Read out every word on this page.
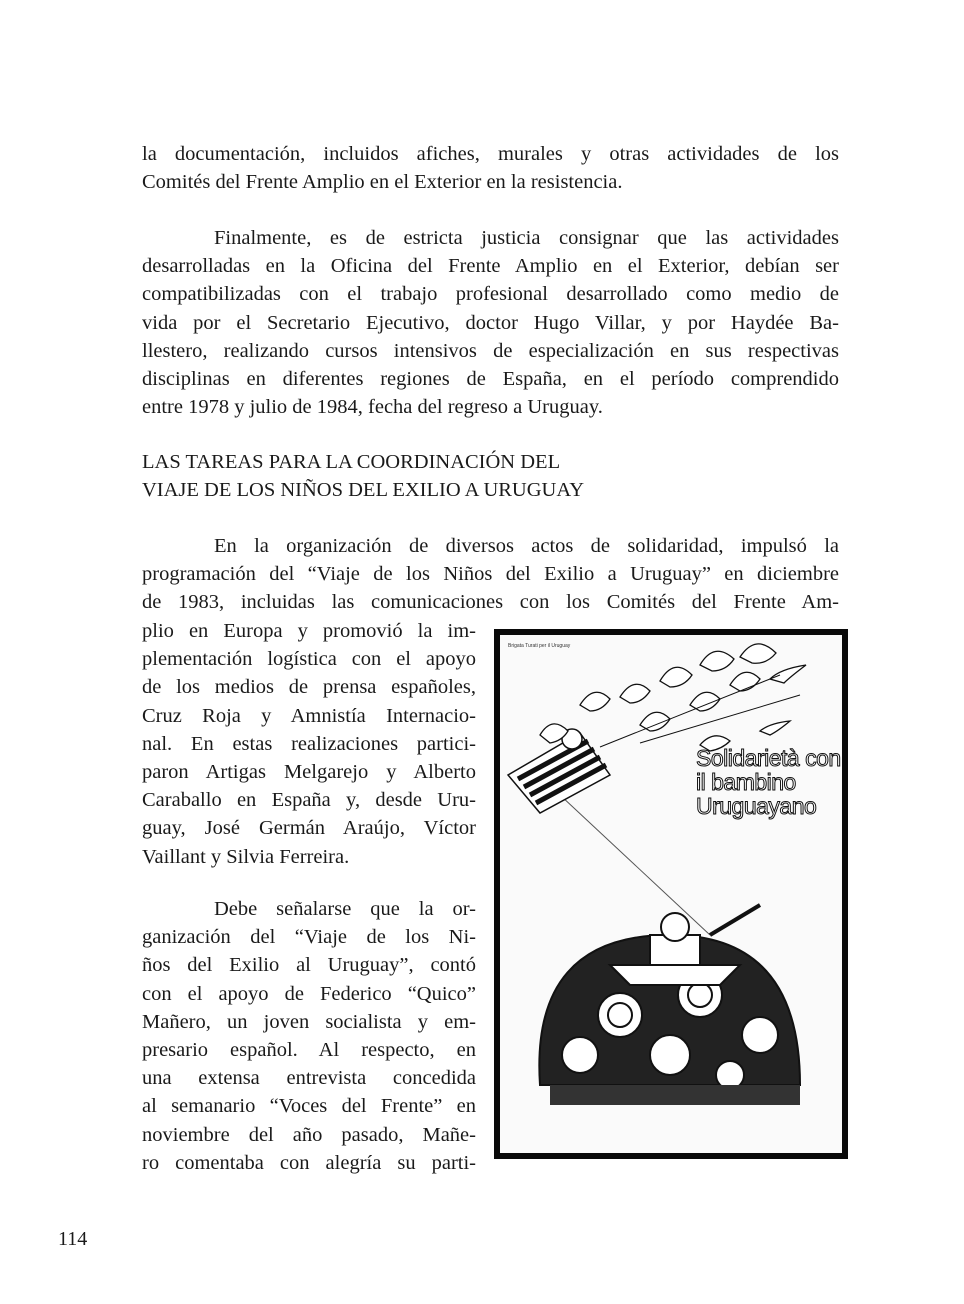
la documentación, incluidos afiches, murales y otras actividades de los
Comités del Frente Amplio en el Exterior en la resistencia.
Finalmente, es de estricta justicia consignar que las actividades
desarrolladas en la Oficina del Frente Amplio en el Exterior, debían ser
compatibilizadas con el trabajo profesional desarrollado como medio de
vida por el Secretario Ejecutivo, doctor Hugo Villar, y por Haydée Ba-
llestero, realizando cursos intensivos de especialización en sus respectivas
disciplinas en diferentes regiones de España, en el período comprendido
entre 1978 y julio de 1984, fecha del regreso a Uruguay.
LAS TAREAS PARA LA COORDINACIÓN DEL
VIAJE DE LOS NIÑOS DEL EXILIO A URUGUAY
En la organización de diversos actos de solidaridad, impulsó la
programación del “Viaje de los Niños del Exilio a Uruguay” en diciembre
de 1983, incluidas las comunicaciones con los Comités del Frente Am-
plio en Europa y promovió la im-
plementación logística con el apoyo
de los medios de prensa españoles,
Cruz Roja y Amnistía Internacio-
nal. En estas realizaciones partici-
paron Artigas Melgarejo y Alberto
Caraballo en España y, desde Uru-
guay, José Germán Araújo, Víctor
Vaillant y Silvia Ferreira.
Debe señalarse que la or-
ganización del “Viaje de los Ni-
ños del Exilio al Uruguay”, contó
con el apoyo de Federico “Quico”
Mañero, un joven socialista y em-
presario español. Al respecto, en
una extensa entrevista concedida
al semanario “Voces del Frente” en
noviembre del año pasado, Mañe-
ro comentaba con alegría su parti-
Brigata Turati per il Uruguay
Solidarietà con
il bambino
Uruguayano
114
